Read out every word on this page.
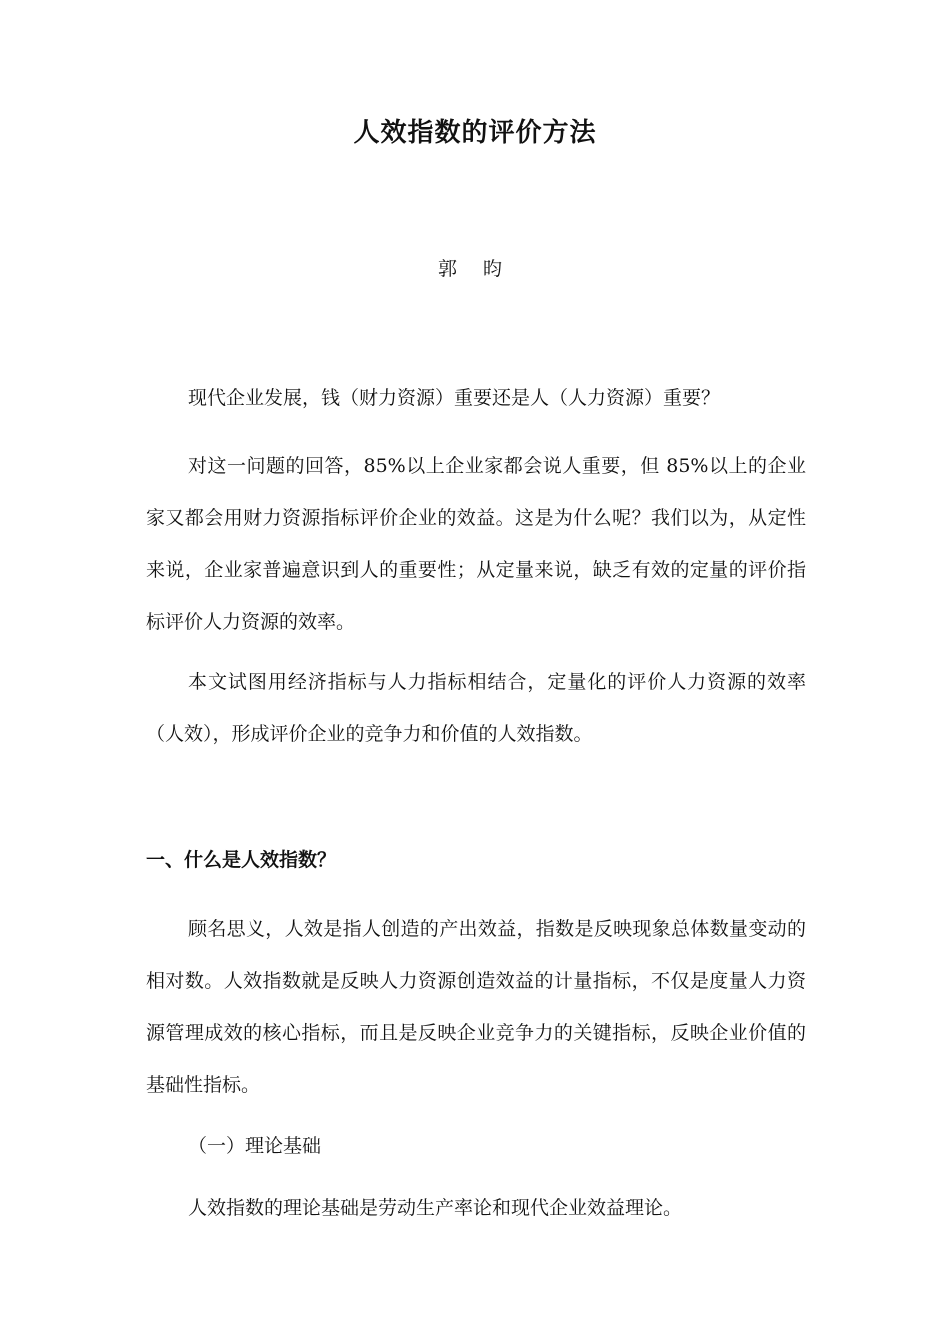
人效指数的评价方法
郭 昀
现代企业发展，钱（财力资源）重要还是人（人力资源）重要？
对这一问题的回答，85%以上企业家都会说人重要，但 85%以上的企业家又都会用财力资源指标评价企业的效益。这是为什么呢？我们以为，从定性来说，企业家普遍意识到人的重要性；从定量来说，缺乏有效的定量的评价指标评价人力资源的效率。
本文试图用经济指标与人力指标相结合，定量化的评价人力资源的效率（人效），形成评价企业的竞争力和价值的人效指数。
一、什么是人效指数？
顾名思义，人效是指人创造的产出效益，指数是反映现象总体数量变动的相对数。人效指数就是反映人力资源创造效益的计量指标，不仅是度量人力资源管理成效的核心指标，而且是反映企业竞争力的关键指标，反映企业价值的基础性指标。
（一）理论基础
人效指数的理论基础是劳动生产率论和现代企业效益理论。
